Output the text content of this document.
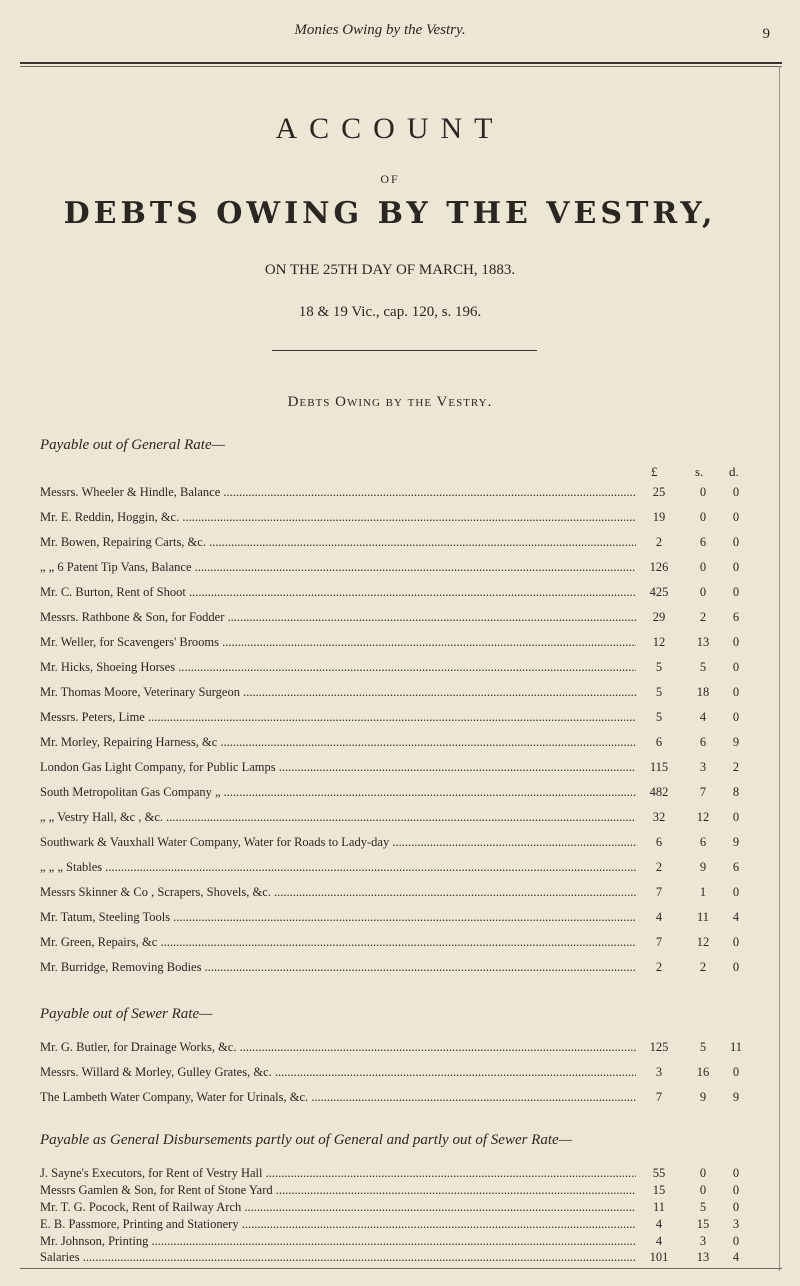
Monies Owing by the Vestry.	9
ACCOUNT
OF
DEBTS OWING BY THE VESTRY,
ON THE 25TH DAY OF MARCH, 1883.
18 & 19 Vic., cap. 120, s. 196.
Debts Owing by the Vestry.
Payable out of General Rate—
£	s. d.
Messrs. Wheeler & Hindle, Balance .....	25	0	0
Mr. E. Reddin, Hoggin, &c. .....	19	0	0
Mr. Bowen, Repairing Carts, &c. .....	2	6	0
„ „ 6 Patent Tip Vans, Balance .....	126	0	0
Mr. C. Burton, Rent of Shoot .....	425	0	0
Messrs. Rathbone & Son, for Fodder .....	29	2	6
Mr. Weller, for Scavengers' Brooms .....	12	13	0
Mr. Hicks, Shoeing Horses .....	5	5	0
Mr. Thomas Moore, Veterinary Surgeon .....	5	18	0
Messrs. Peters, Lime .....	5	4	0
Mr. Morley, Repairing Harness, &c .....	6	6	9
London Gas Light Company, for Public Lamps .....	115	3	2
South Metropolitan Gas Company „ .....	482	7	8
„ „ Vestry Hall, &c , &c. .....	32	12	0
Southwark & Vauxhall Water Company, Water for Roads to Lady-day .....	6	6	9
„ „ „ Stables .....	2	9	6
Messrs Skinner & Co , Scrapers, Shovels, &c. .....	7	1	0
Mr. Tatum, Steeling Tools .....	4	11	4
Mr. Green, Repairs, &c .....	7	12	0
Mr. Burridge, Removing Bodies .....	2	2	0
Payable out of Sewer Rate—
Mr. G. Butler, for Drainage Works, &c. .....	125	5	11
Messrs. Willard & Morley, Gulley Grates, &c. .....	3	16	0
The Lambeth Water Company, Water for Urinals, &c. .....	7	9	9
Payable as General Disbursements partly out of General and partly out of Sewer Rate—
J. Sayne's Executors, for Rent of Vestry Hall .....	55	0	0
Messrs Gamlen & Son, for Rent of Stone Yard .....	15	0	0
Mr. T. G. Pocock, Rent of Railway Arch .....	11	5	0
E. B. Passmore, Printing and Stationery .....	4	15	3
Mr. Johnson, Printing .....	4	3	0
Salaries .....	101	13	4
